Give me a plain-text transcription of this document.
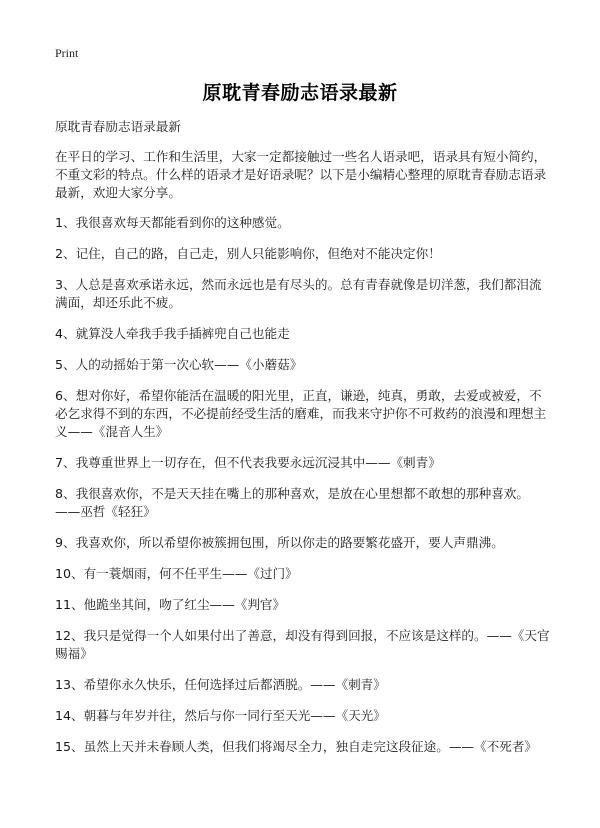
Print
原耽青春励志语录最新

原耽青春励志语录最新

在平日的学习、工作和生活里，大家一定都接触过一些名人语录吧，语录具有短小简约，不重文彩的特点。什么样的语录才是好语录呢？以下是小编精心整理的原耽青春励志语录最新，欢迎大家分享。

1、我很喜欢每天都能看到你的这种感觉。
2、记住，自己的路，自己走，别人只能影响你，但绝对不能决定你！
3、人总是喜欢承诺永远，然而永远也是有尽头的。总有青春就像是切洋葱，我们都泪流满面，却还乐此不疲。
4、就算没人牵我手我手插裤兜自己也能走
5、人的动摇始于第一次心软——《小蘑菇》
6、想对你好，希望你能活在温暖的阳光里，正直，谦逊，纯真，勇敢，去爱或被爱，不必乞求得不到的东西，不必提前经受生活的磨难，而我来守护你不可救药的浪漫和理想主义——《混音人生》
7、我尊重世界上一切存在，但不代表我要永远沉浸其中——《刺青》
8、我很喜欢你，不是天天挂在嘴上的那种喜欢，是放在心里想都不敢想的那种喜欢。——巫哲《轻狂》
9、我喜欢你，所以希望你被簇拥包围，所以你走的路要繁花盛开，要人声鼎沸。
10、有一蓑烟雨，何不任平生——《过门》
11、他跪坐其间，吻了红尘——《判官》
12、我只是觉得一个人如果付出了善意，却没有得到回报，不应该是这样的。——《天官赐福》
13、希望你永久快乐，任何选择过后都洒脱。——《刺青》
14、朝暮与年岁并往，然后与你一同行至天光——《天光》
15、虽然上天并未眷顾人类，但我们将竭尽全力，独自走完这段征途。——《不死者》
